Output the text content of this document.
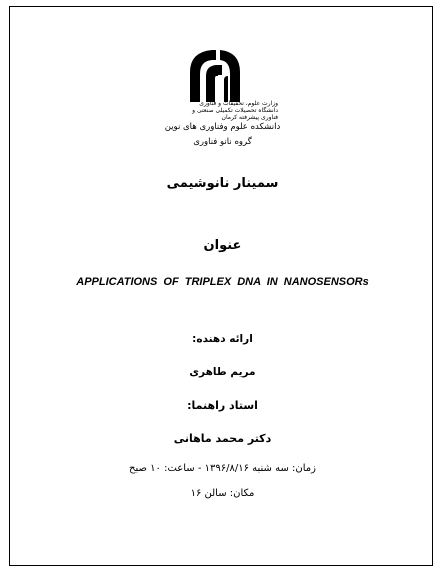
وزارت علوم، تحقیقات و فناوری دانشگاه تحصیلات تکمیلی صنعتی و فناوری پیشرفته کرمان
دانشکده علوم وفناوری های نوین
گروه نانو فناوری
سمینار نانوشیمی
عنوان
APPLICATIONS OF TRIPLEX DNA IN NANOSENSORs
ارائه دهنده:
مریم طاهری
استاد راهنما:
دکتر محمد ماهانی
زمان: سه شنبه ۱۳۹۶/۸/۱۶ - ساعت: ۱۰ صبح
مکان: سالن ۱۶
